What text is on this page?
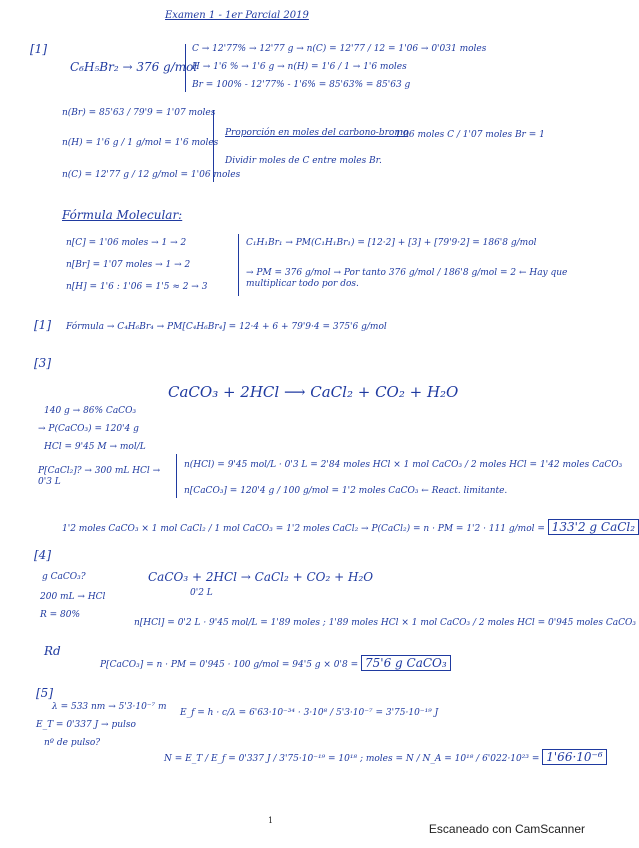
Examen 1 - 1er Parcial 2019
[1]
C₆H₅Br₂ → 376 g/mol
C → 12'77% → 12'77 g → n(C) = 12'77 / 12 = 1'06 → 0'031 moles
H → 1'6 % → 1'6 g → n(H) = 1'6 / 1 → 1'6 moles
Br = 100% - 12'77% - 1'6% = 85'63% = 85'63 g
n(Br) = 85'63 / 79'9 = 1'07 moles
n(H) = 1'6 g / 1 g/mol = 1'6 moles
n(C) = 12'77 g / 12 g/mol = 1'06 moles
Proporción en moles del carbono-bromo
1'06 moles C / 1'07 moles Br = 1
Dividir moles de C entre moles Br.
Fórmula Molecular:
n[C] = 1'06 moles → 1 → 2
n[Br] = 1'07 moles → 1 → 2
n[H] = 1'6 : 1'06 = 1'5 ≈ 2 → 3
C₁H₁Br₁ → PM(C₁H₁Br₁) = [12·2] + [3] + [79'9·2] = 186'8 g/mol
→ PM = 376 g/mol → Por tanto 376 g/mol / 186'8 g/mol = 2 ← Hay que multiplicar todo por dos.
[1] Fórmula → C₄H₆Br₄ → PM[C₄H₆Br₄] = 12·4 + 6 + 79'9·4 = 375'6 g/mol
[3]
CaCO₃ + 2HCl ⟶ CaCl₂ + CO₂ + H₂O
140 g → 86% CaCO₃
→ P(CaCO₃) = 120'4 g
HCl = 9'45 M → mol/L
P[CaCl₂]? → 300 mL HCl → 0'3 L
n(HCl) = 9'45 mol/L · 0'3 L = 2'84 moles HCl × 1 mol CaCO₃ / 2 moles HCl = 1'42 moles CaCO₃
n[CaCO₃] = 120'4 g / 100 g/mol = 1'2 moles CaCO₃ ← React. limitante.
1'2 moles CaCO₃ × 1 mol CaCl₂ / 1 mol CaCO₃ = 1'2 moles CaCl₂ → P(CaCl₂) = n · PM = 1'2 · 111 g/mol = 133'2 g CaCl₂
[4]
g CaCO₃?
200 mL → HCl
R = 80%
CaCO₃ + 2HCl → CaCl₂ + CO₂ + H₂O
0'2 L
n[HCl] = 0'2 L · 9'45 mol/L = 1'89 moles ; 1'89 moles HCl × 1 mol CaCO₃ / 2 moles HCl = 0'945 moles CaCO₃
Rd
P[CaCO₃] = n · PM = 0'945 · 100 g/mol = 94'5 g × 0'8 = 75'6 g CaCO₃
[5]
λ = 533 nm → 5'3·10⁻⁷ m
E_T = 0'337 J → pulso
nº de pulso?
E_f = h · c/λ = 6'63·10⁻³⁴ · 3·10⁸ / 5'3·10⁻⁷ = 3'75·10⁻¹⁹ J
N = E_T / E_f = 0'337 J / 3'75·10⁻¹⁹ = 10¹⁸ ; moles = N / N_A = 10¹⁸ / 6'022·10²³ = 1'66·10⁻⁶
1
Escaneado con CamScanner
